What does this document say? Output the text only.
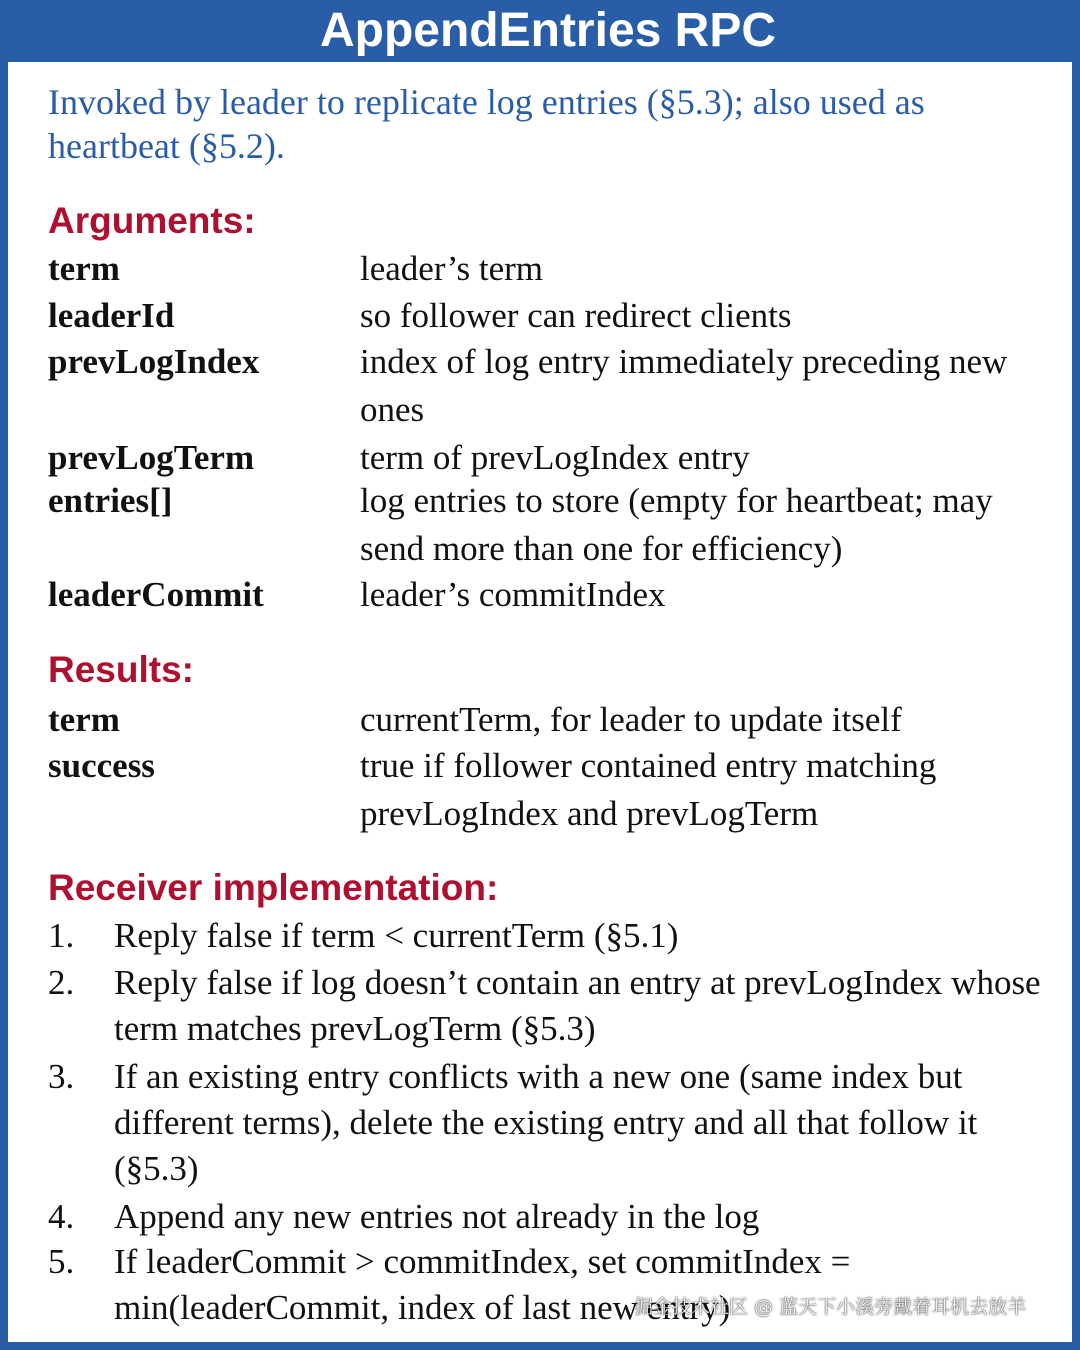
AppendEntries RPC
Invoked by leader to replicate log entries (§5.3); also used as heartbeat (§5.2).
Arguments:
term	leader’s term
leaderId	so follower can redirect clients
prevLogIndex	index of log entry immediately preceding new ones
prevLogTerm	term of prevLogIndex entry
entries[]	log entries to store (empty for heartbeat; may send more than one for efficiency)
leaderCommit	leader’s commitIndex
Results:
term	currentTerm, for leader to update itself
success	true if follower contained entry matching prevLogIndex and prevLogTerm
Receiver implementation:
1. Reply false if term < currentTerm (§5.1)
2. Reply false if log doesn’t contain an entry at prevLogIndex whose term matches prevLogTerm (§5.3)
3. If an existing entry conflicts with a new one (same index but different terms), delete the existing entry and all that follow it (§5.3)
4. Append any new entries not already in the log
5. If leaderCommit > commitIndex, set commitIndex = min(leaderCommit, index of last new entry)
掘金技术社区 @ 蓝天下小溪旁戴着耳机去放羊
